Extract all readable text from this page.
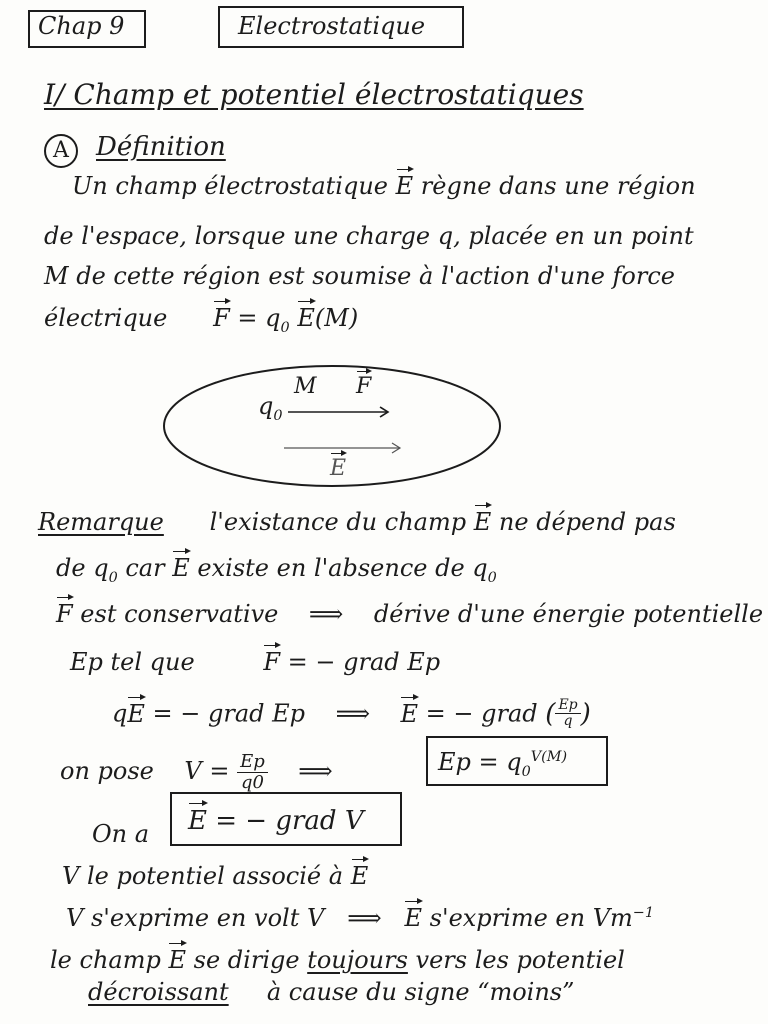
Chap 9	Electrostatique
I/ Champ et potentiel électrostatiques
A	Définition
Un champ électrostatique E règne dans une région
de l'espace, lorsque une charge q, placée en un point
M de cette région est soumise à l'action d'une force
électrique $F = q_0$ E(M)
$q_0$
M F
E
Remarque l'existance du champ E ne dépend pas
de $q_0$ car E existe en l'absence de $q_0$
F est conservative ⟹ dérive d'une énergie potentielle
Ep tel que	F = − grad Ep
qE = − grad Ep ⟹ E = − grad ( $\frac{Ep}{q}$ )
on pose $V = \frac{Ep}{q0}$ ⟹	$Ep = q_0^{V(M)}$
On a E = − grad V
V le potentiel associé à E
V s'exprime en volt V ⟹ E s'exprime en $Vm^{-1}$
le champ E se dirige toujours vers les potentiel
décroissant à cause du signe “moins”
